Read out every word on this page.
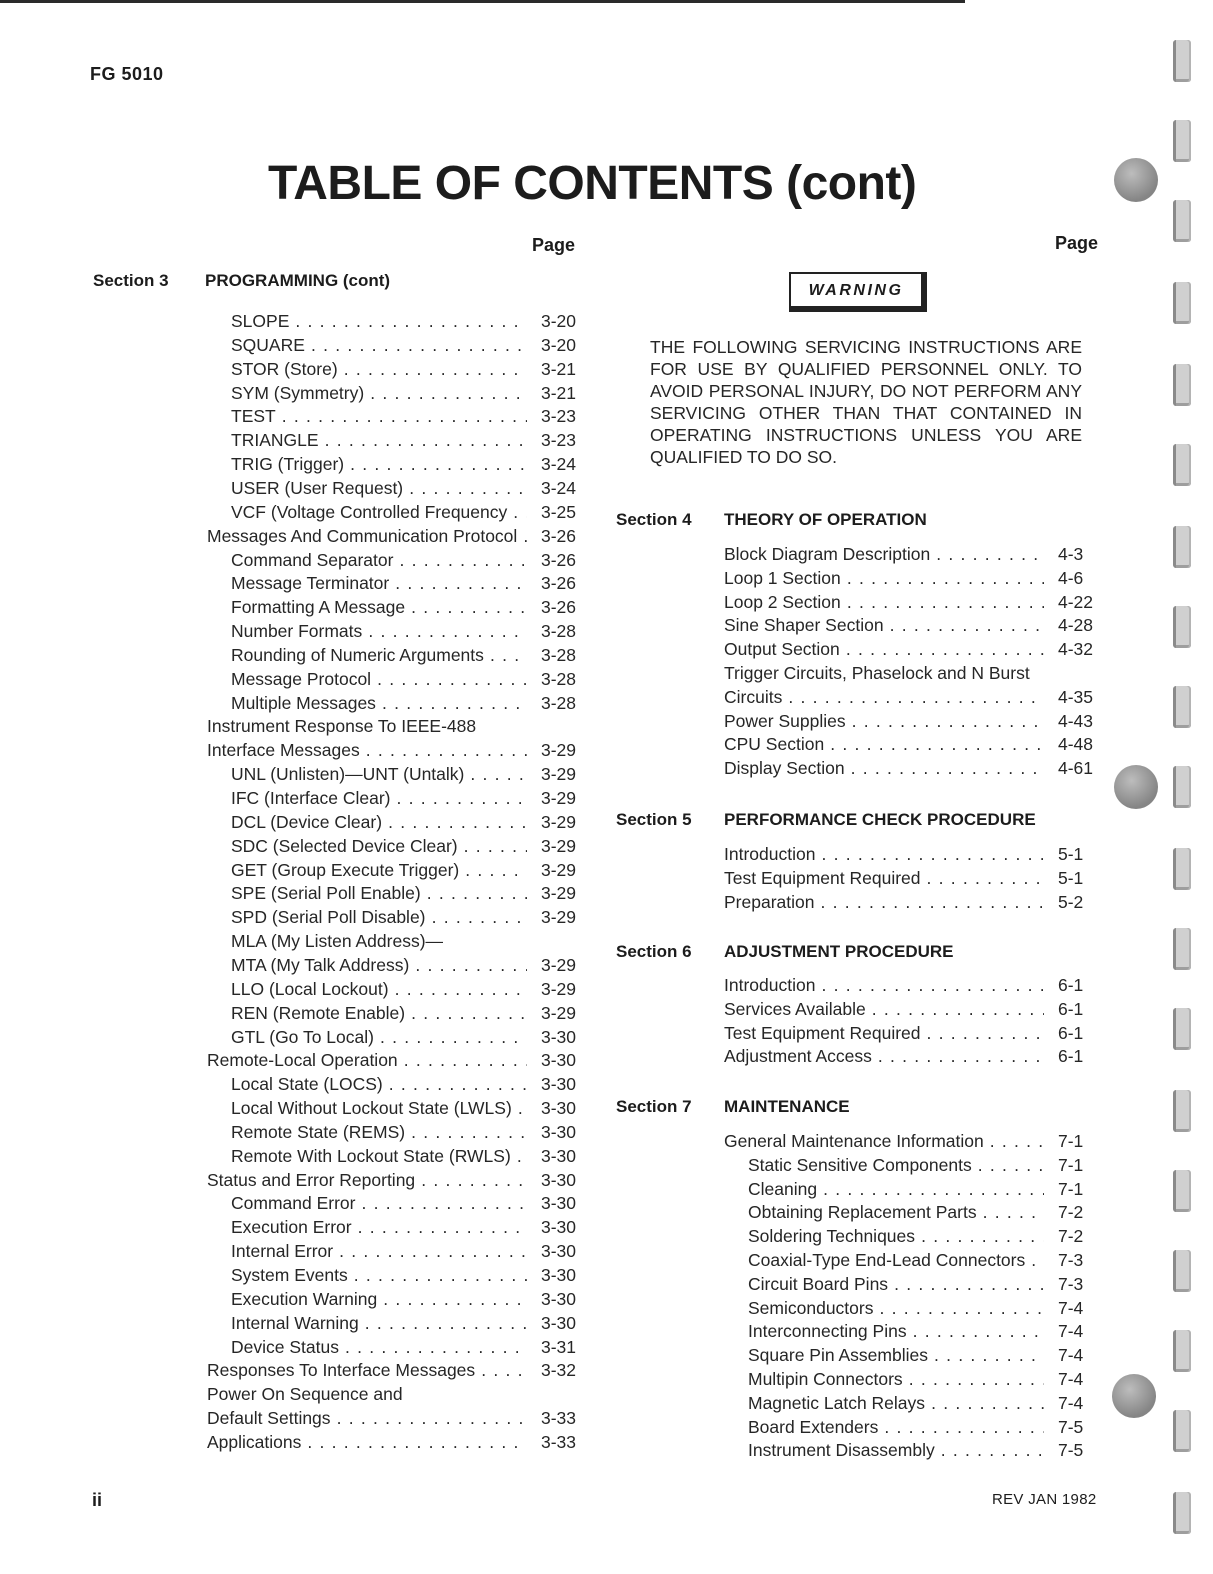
FG 5010
TABLE OF CONTENTS (cont)
Page	Page
Section 3 PROGRAMMING (cont)
SLOPE . . .	3-20
SQUARE . . .	3-20
STOR (Store) . . .	3-21
SYM (Symmetry) . . .	3-21
TEST . . .	3-23
TRIANGLE . . .	3-23
TRIG (Trigger) . . .	3-24
USER (User Request) . . .	3-24
VCF (Voltage Controlled Frequency . . . 3-25
Messages And Communication Protocol . . . 3-26
Command Separator . . .	3-26
Message Terminator . . .	3-26
Formatting A Message . . .	3-26
Number Formats . . .	3-28
Rounding of Numeric Arguments . . .	3-28
Message Protocol . . .	3-28
Multiple Messages . . .	3-28
Instrument Response To IEEE-488
Interface Messages . . .	3-29
UNL (Unlisten)—UNT (Untalk) . . .	3-29
IFC (Interface Clear) . . .	3-29
DCL (Device Clear) . . .	3-29
SDC (Selected Device Clear) . . .	3-29
GET (Group Execute Trigger) . . .	3-29
SPE (Serial Poll Enable) . . .	3-29
SPD (Serial Poll Disable) . . .	3-29
MLA (My Listen Address)—
MTA (My Talk Address) . . .	3-29
LLO (Local Lockout) . . .	3-29
REN (Remote Enable) . . .	3-29
GTL (Go To Local) . . .	3-30
Remote-Local Operation . . .	3-30
Local State (LOCS) . . .	3-30
Local Without Lockout State (LWLS) . . . 3-30
Remote State (REMS) . . .	3-30
Remote With Lockout State (RWLS) . . . 3-30
Status and Error Reporting . . .	3-30
Command Error . . .	3-30
Execution Error . . .	3-30
Internal Error . . .	3-30
System Events . . .	3-30
Execution Warning . . .	3-30
Internal Warning . . .	3-30
Device Status . . .	3-31
Responses To Interface Messages . . .	3-32
Power On Sequence and
Default Settings . . .	3-33
Applications . . .	3-33
WARNING

THE FOLLOWING SERVICING INSTRUCTIONS ARE FOR USE BY QUALIFIED PERSONNEL ONLY. TO AVOID PERSONAL INJURY, DO NOT PERFORM ANY SERVICING OTHER THAN THAT CONTAINED IN OPERATING INSTRUCTIONS UNLESS YOU ARE QUALIFIED TO DO SO.

Section 4 THEORY OF OPERATION
Section 5 PERFORMANCE CHECK PROCEDURE
Section 6 ADJUSTMENT PROCEDURE
Section 7 MAINTENANCE
Block Diagram Description . . .	4-3
Loop 1 Section . . .	4-6
Loop 2 Section . . .	4-22
Sine Shaper Section . . .	4-28
Output Section . . .	4-32
Trigger Circuits, Phaselock and N Burst
Circuits . . .	4-35
Power Supplies . . .	4-43
CPU Section . . .	4-48
Display Section . . .	4-61
Introduction . . .	5-1
Test Equipment Required . . .	5-1
Preparation . . .	5-2
Introduction . . .	6-1
Services Available . . .	6-1
Test Equipment Required . . .	6-1
Adjustment Access . . .	6-1
General Maintenance Information . . .	7-1
Static Sensitive Components . . .	7-1
Cleaning . . .	7-1
Obtaining Replacement Parts . . .	7-2
Soldering Techniques . . .	7-2
Coaxial-Type End-Lead Connectors . . . 7-3
Circuit Board Pins . . .	7-3
Semiconductors . . .	7-4
Interconnecting Pins . . .	7-4
Square Pin Assemblies . . .	7-4
Multipin Connectors . . .	7-4
Magnetic Latch Relays . . .	7-4
Board Extenders . . .	7-5
Instrument Disassembly . . .	7-5
ii	REV JAN 1982
